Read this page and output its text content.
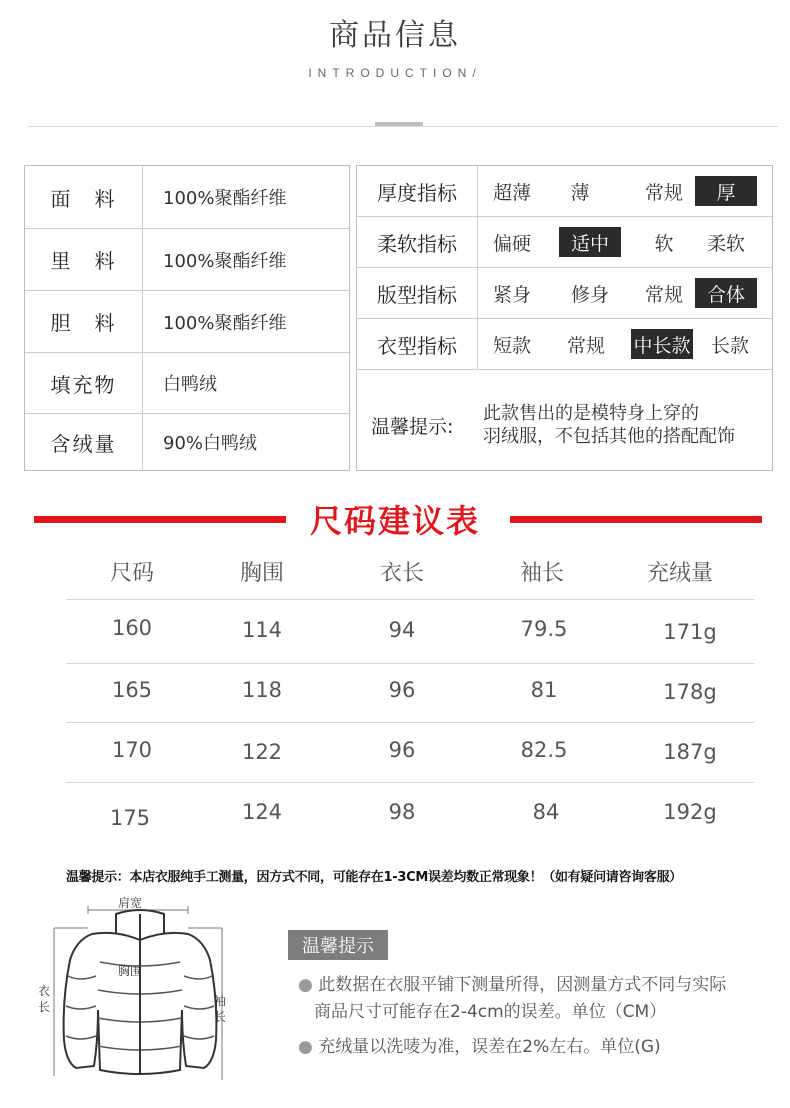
商品信息
INTRODUCTION/
面　料	100%聚酯纤维
里　料	100%聚酯纤维
胆　料	100%聚酯纤维
填充物	白鸭绒
含绒量	90%白鸭绒
厚度指标	超薄	薄	常规	厚
柔软指标	偏硬	适中	软	柔软
版型指标	紧身	修身	常规	合体
衣型指标	短款	常规	中长款	长款
温馨提示:
此款售出的是模特身上穿的
羽绒服，不包括其他的搭配配饰
尺码建议表
尺码	胸围	衣长	袖长	充绒量
160	114	94	79.5	171g
165	118	96	81	178g
170	122	96	82.5	187g
175	124	98	84	192g
温馨提示：本店衣服纯手工测量，因方式不同，可能存在1-3CM误差均数正常现象！（如有疑问请咨询客服）
肩宽
胸围
衣
长	袖
长
温馨提示
● 此数据在衣服平铺下测量所得，因测量方式不同与实际
商品尺寸可能存在2-4cm的误差。单位（CM）
● 充绒量以洗唛为准，误差在2%左右。单位(G)
